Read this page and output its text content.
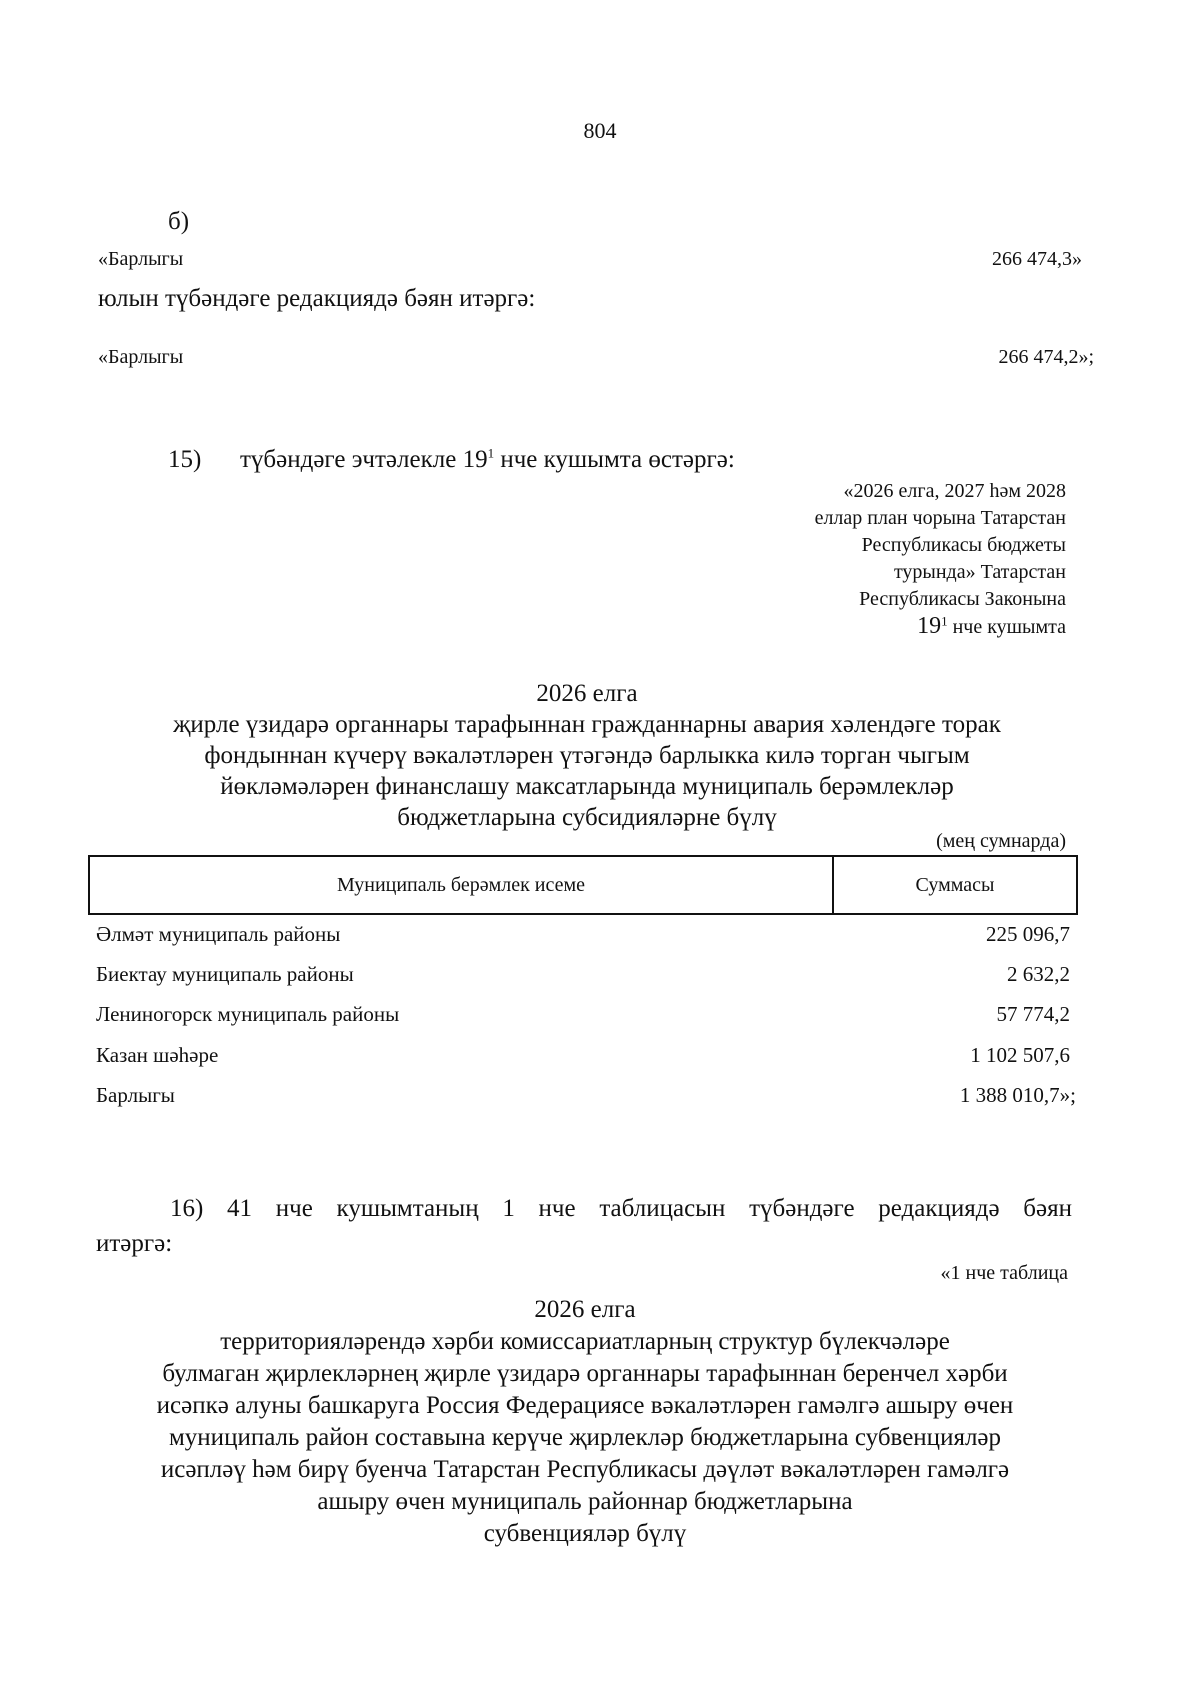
804
б)
«Барлыгы	266 474,3»
юлын түбәндәге редакциядә бәян итәргә:
«Барлыгы	266 474,2»;
15) түбәндәге эчтәлекле $19^1$ нче кушымта өстәргә:
«2026 елга, 2027 һәм 2028
еллар план чорына Татарстан
Республикасы бюджеты
турында» Татарстан
Республикасы Законына
$19^1$ нче кушымта
2026 елга
җирле үзидарә органнары тарафыннан гражданнарны авария хәлендәге торак
фондыннан күчерү вәкаләтләрен үтәгәндә барлыкка килә торган чыгым
йөкләмәләрен финанслашу максатларында муниципаль берәмлекләр
бюджетларына субсидияләрне бүлү
(мең сумнарда)
Муниципаль берәмлек исеме	Суммасы
Әлмәт муниципаль районы	225 096,7
Биектау муниципаль районы	2 632,2
Лениногорск муниципаль районы	57 774,2
Казан шәһәре	1 102 507,6
Барлыгы	1 388 010,7»;
16) 41 нче кушымтаның 1 нче таблицасын түбәндәге редакциядә бәян
итәргә:
«1 нче таблица
2026 елга
территорияләрендә хәрби комиссариатларның структур бүлекчәләре
булмаган җирлекләрнең җирле үзидарә органнары тарафыннан беренчел хәрби
исәпкә алуны башкаруга Россия Федерациясе вәкаләтләрен гамәлгә ашыру өчен
муниципаль район составына керүче җирлекләр бюджетларына субвенцияләр
исәплəү һәм бирү буенча Татарстан Республикасы дәүләт вәкаләтләрен гамәлгә
ашыру өчен муниципаль районнар бюджетларына
субвенцияләр бүлү
